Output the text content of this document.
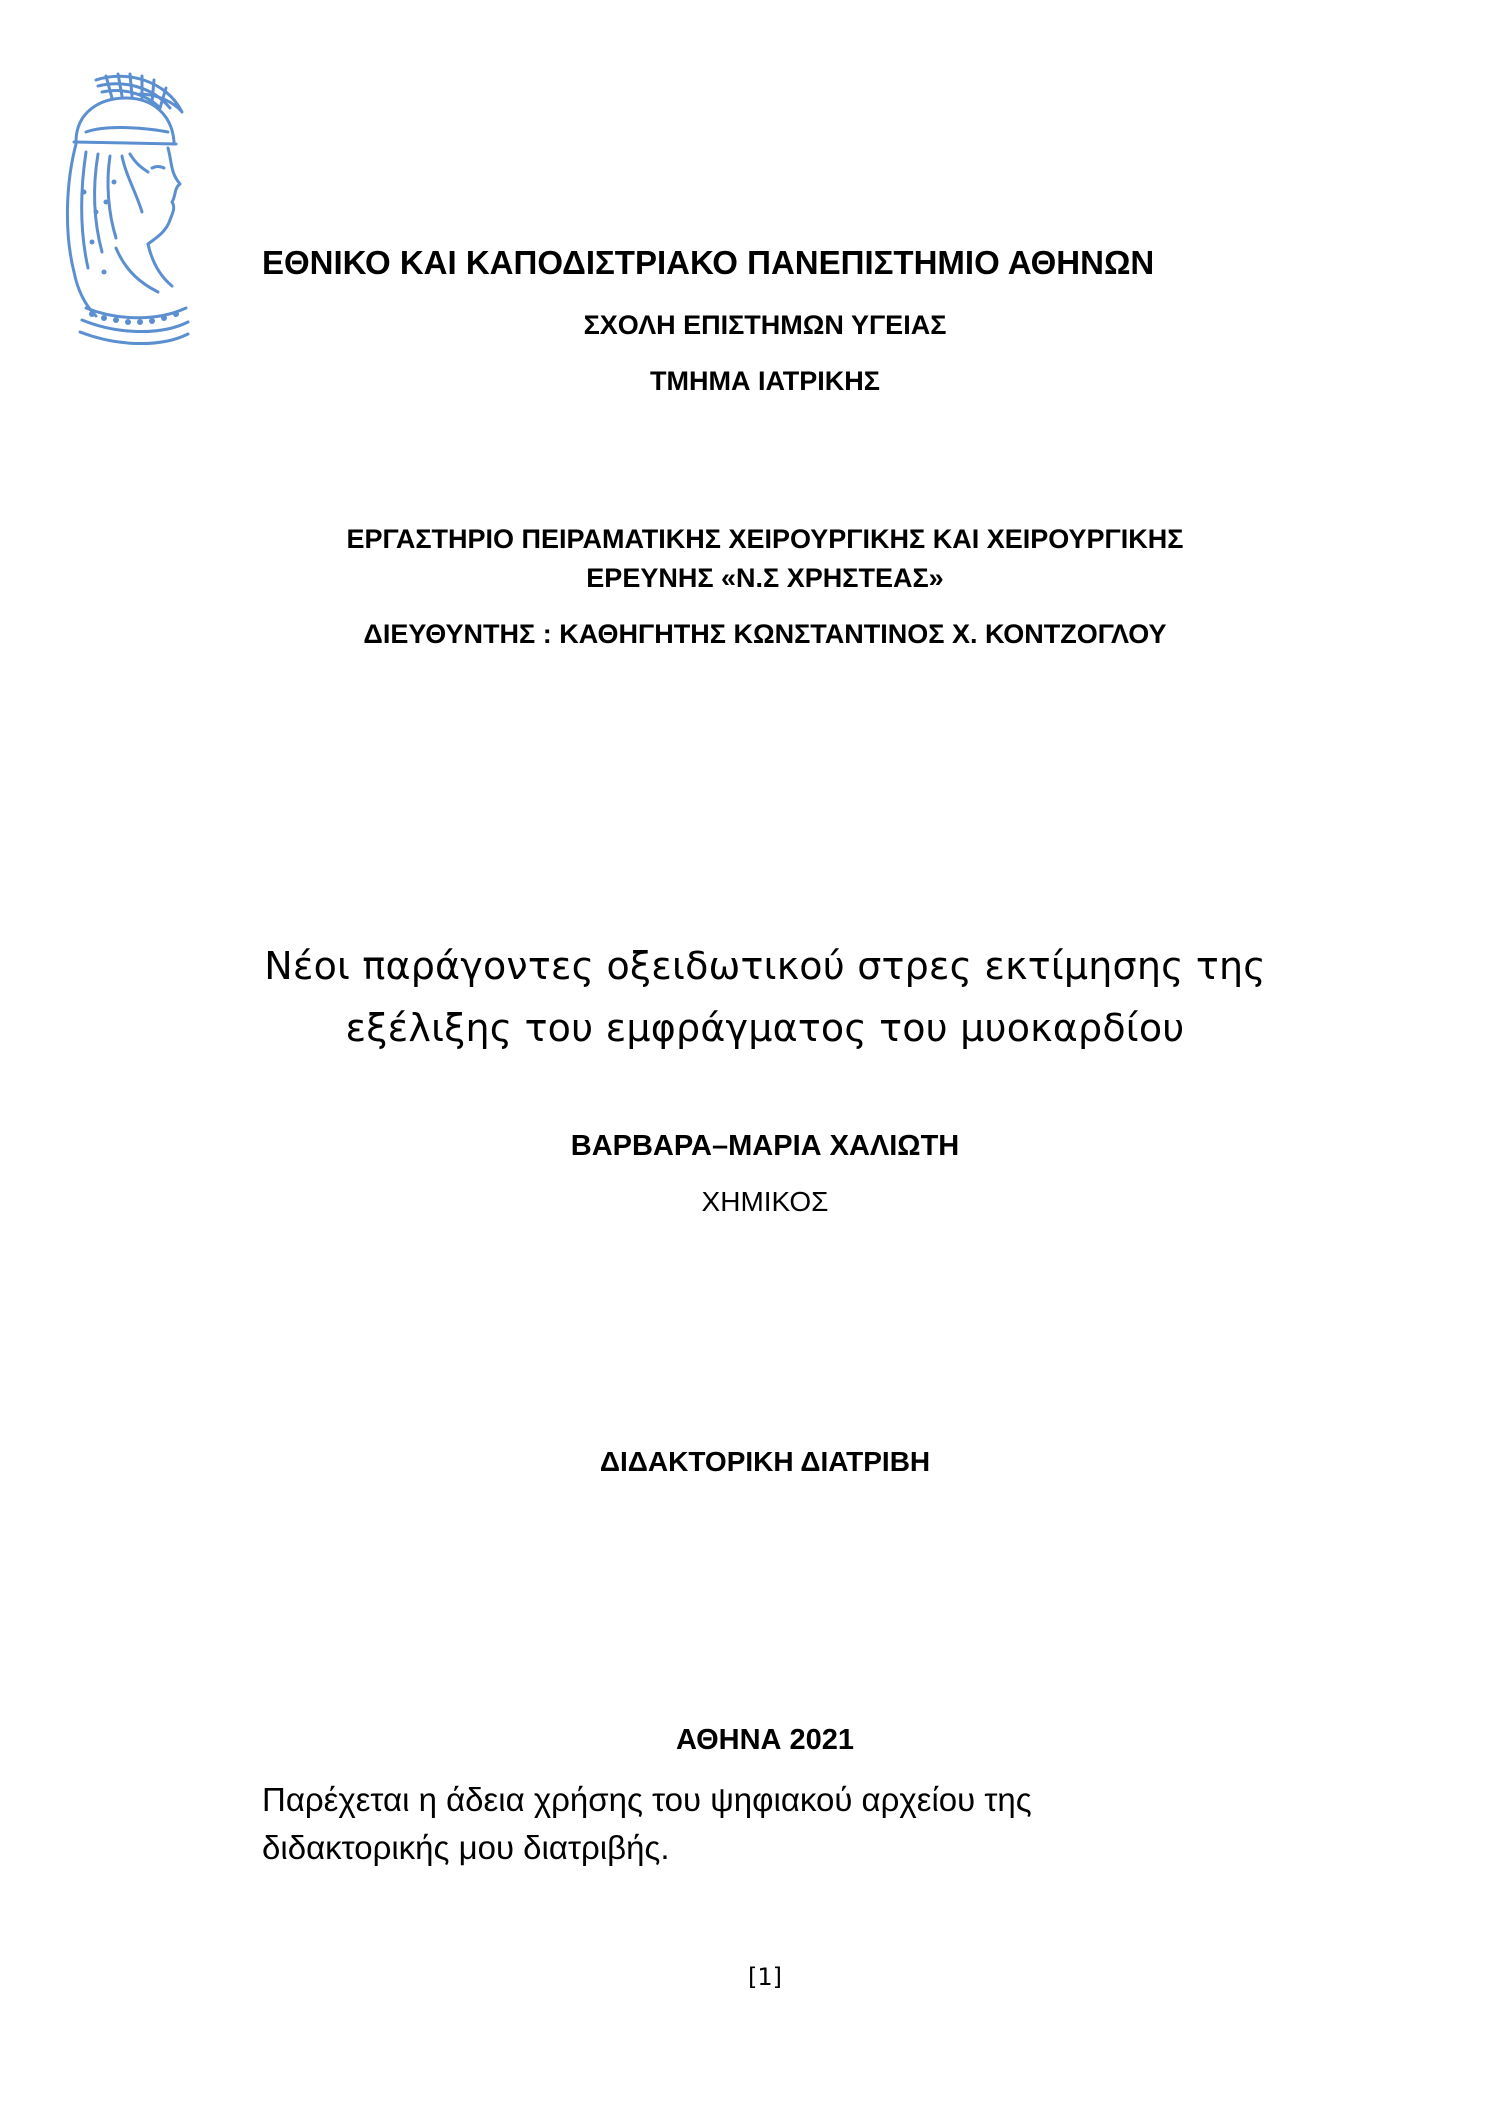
ΕΘΝΙΚΟ ΚΑΙ ΚΑΠΟΔΙΣΤΡΙΑΚΟ ΠΑΝΕΠΙΣΤΗΜΙΟ ΑΘΗΝΩΝ
ΣΧΟΛΗ ΕΠΙΣΤΗΜΩΝ ΥΓΕΙΑΣ
ΤΜΗΜΑ ΙΑΤΡΙΚΗΣ
ΕΡΓΑΣΤΗΡΙΟ ΠΕΙΡΑΜΑΤΙΚΗΣ ΧΕΙΡΟΥΡΓΙΚΗΣ ΚΑΙ ΧΕΙΡΟΥΡΓΙΚΗΣ
ΕΡΕΥΝΗΣ «Ν.Σ ΧΡΗΣΤΕΑΣ»
ΔΙΕΥΘΥΝΤΗΣ : ΚΑΘΗΓΗΤΗΣ ΚΩΝΣΤΑΝΤΙΝΟΣ Χ. ΚΟΝΤΖΟΓΛΟΥ
Νέοι παράγοντες οξειδωτικού στρες εκτίμησης της
εξέλιξης του εμφράγματος του μυοκαρδίου
ΒΑΡΒΑΡΑ–ΜΑΡΙΑ ΧΑΛΙΩΤΗ
ΧΗΜΙΚΟΣ
ΔΙΔΑΚΤΟΡΙΚΗ ΔΙΑΤΡΙΒΗ
ΑΘΗΝΑ 2021
Παρέχεται η άδεια χρήσης του ψηφιακού αρχείου της
διδακτορικής μου διατριβής.
[1]
